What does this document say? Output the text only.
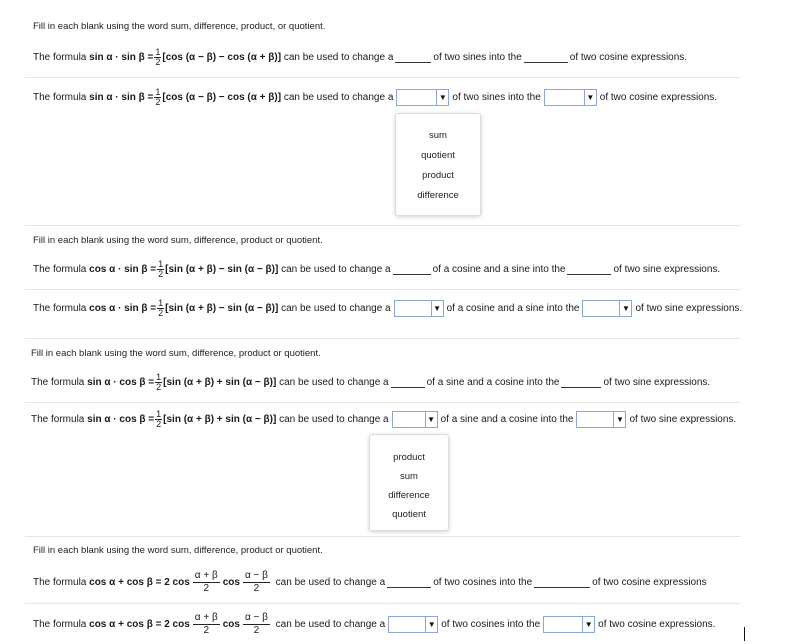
Fill in each blank using the word sum, difference, product, or quotient.
The formula
$\sin \alpha \cdot \sin \beta = \frac{1}{2} [\cos$ (α − β) − cos (α + β)]
can be used to change a	of two sines into the	of two cosine expressions.
The formula
$\sin \alpha \cdot \sin \beta = \frac{1}{2} [\cos$ (α − β) − cos (α + β)]
can be used to change a	▼ of two sines into the	▼ of two cosine expressions.
sum
quotient
product
difference
Fill in each blank using the word sum, difference, product or quotient.
The formula
$\cos \alpha \cdot \sin \beta = \frac{1}{2} [\sin$ (α + β) − sin (α − β)]
can be used to change a	of a cosine and a sine into the	of two sine expressions.
The formula
$\cos \alpha \cdot \sin \beta = \frac{1}{2} [\sin$ (α + β) − sin (α − β)]
can be used to change a	▼ of a cosine and a sine into the	▼ of two sine expressions.
Fill in each blank using the word sum, difference, product or quotient.
The formula
$\sin \alpha \cdot \cos \beta = \frac{1}{2} [\sin$ (α + β) + sin (α − β)]
can be used to change a	of a sine and a cosine into the	of two sine expressions.
The formula
$\sin \alpha \cdot \cos \beta = \frac{1}{2} [\sin$ (α + β) + sin (α − β)]
can be used to change a	▼ of a sine and a cosine into the	▼ of two sine expressions.
product
sum
difference
quotient
Fill in each blank using the word sum, difference, product or quotient.
The formula
cos α + cos β = 2
cos
α + β
2
cos
α − β
2

can be used to change a	of two cosines into the	of two cosine expressions
The formula
cos α + cos β = 2
cos
α + β
2
cos
α − β
2

can be used to change a	▼ of two cosines into the	▼ of two cosine expressions.
